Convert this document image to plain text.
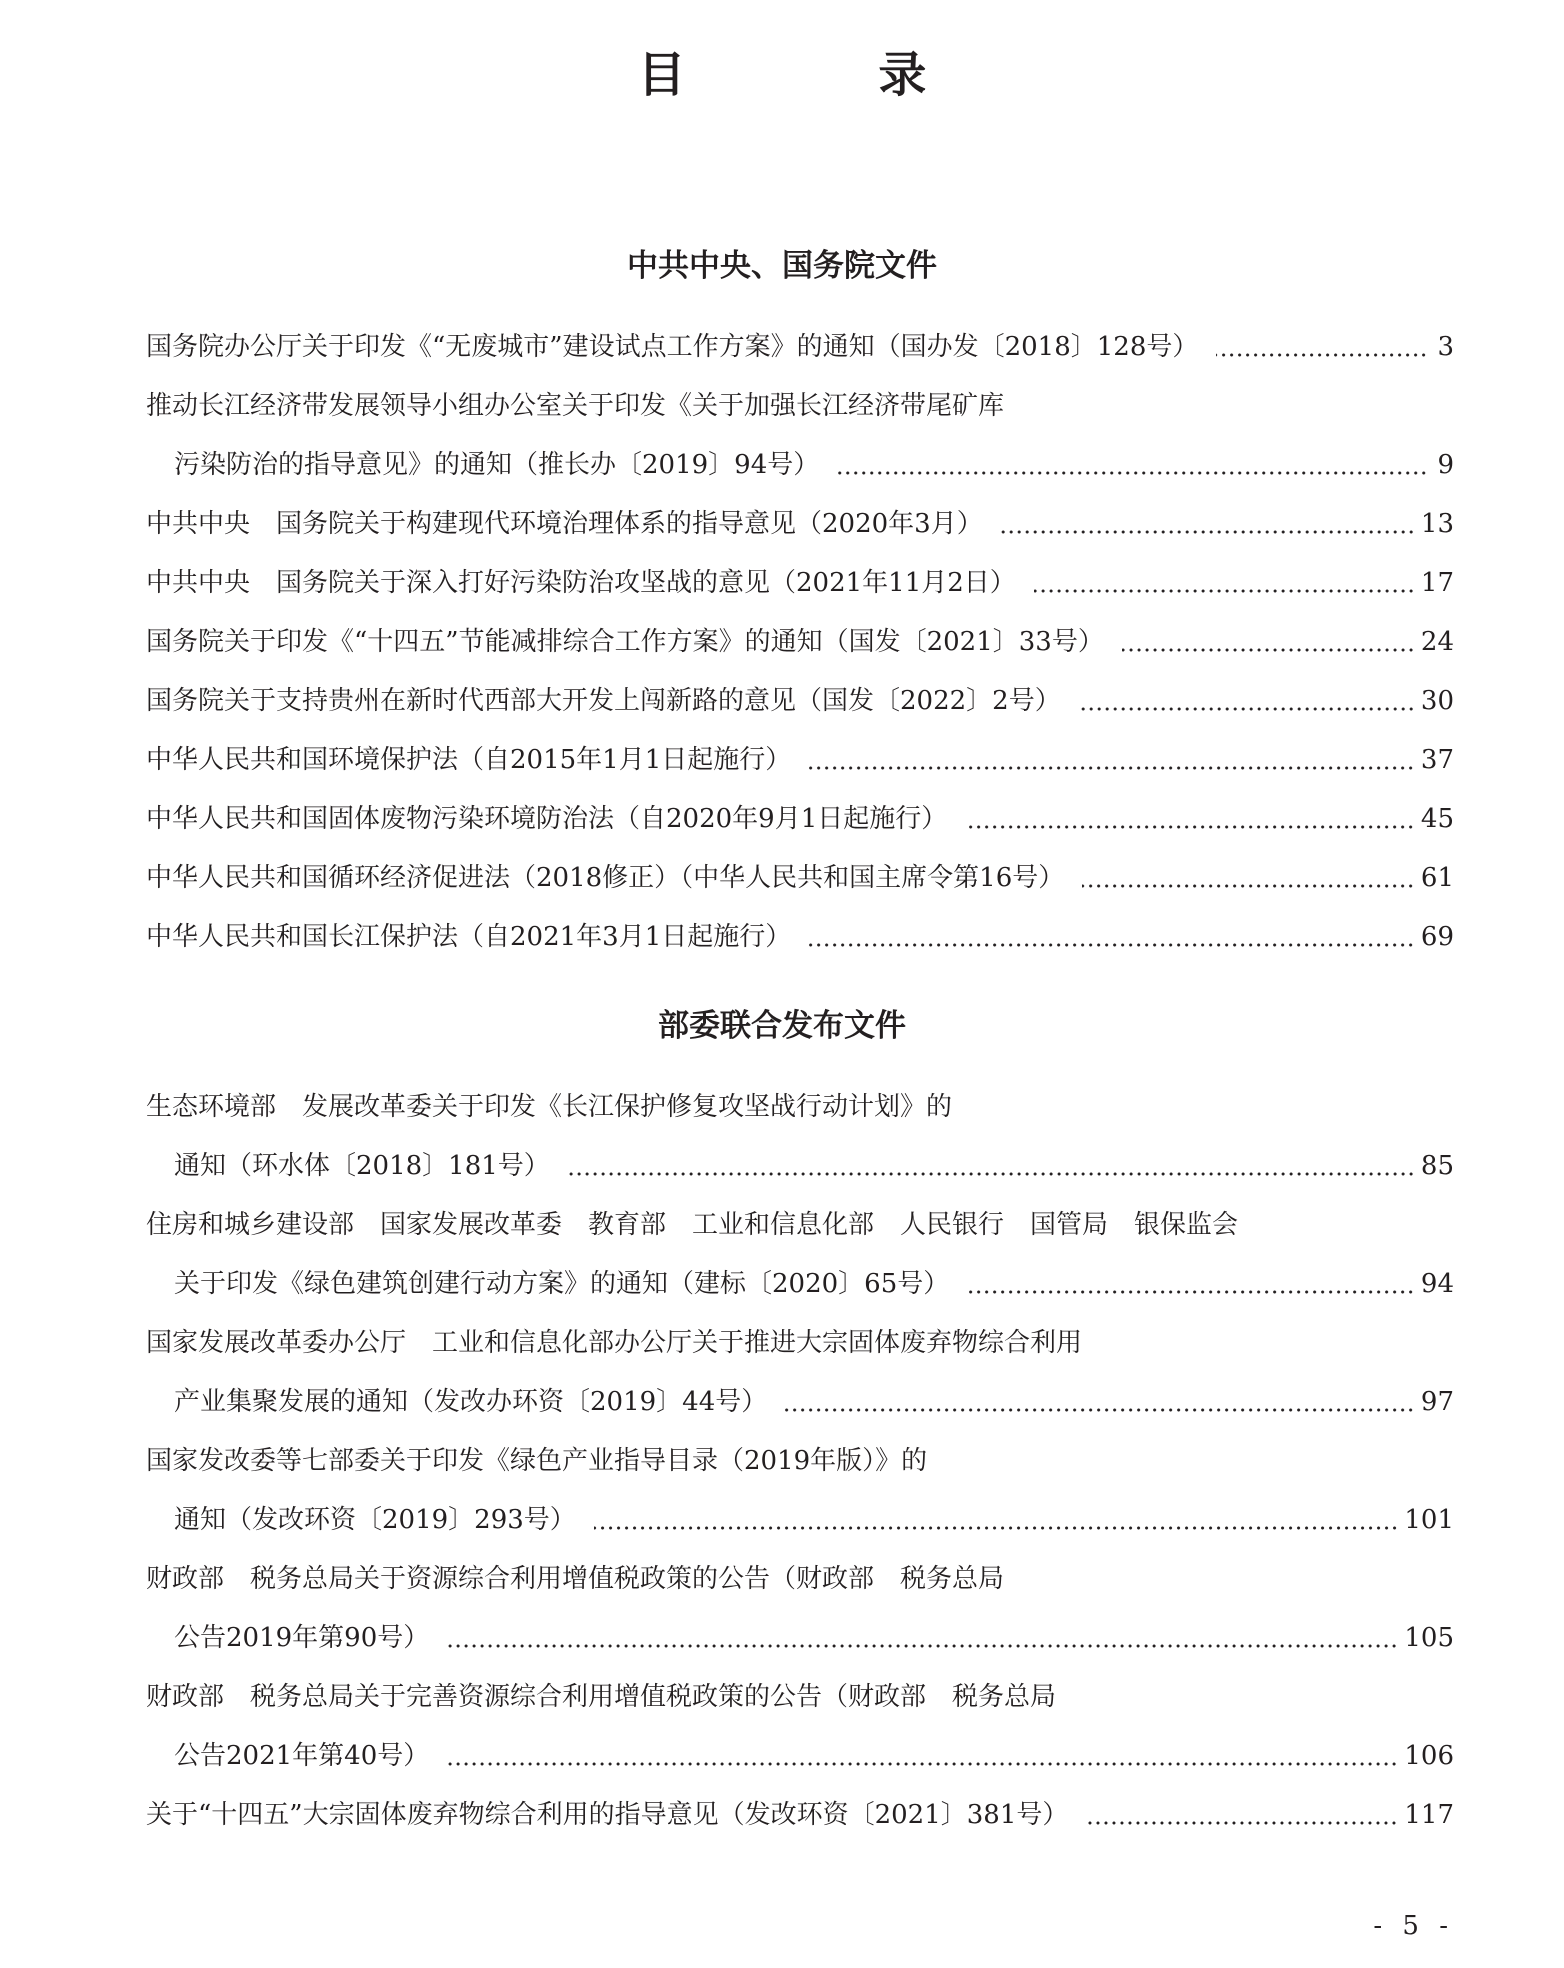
目 录
中共中央、国务院文件
国务院办公厅关于印发《“无废城市”建设试点工作方案》的通知（国办发〔2018〕128号）	3
推动长江经济带发展领导小组办公室关于印发《关于加强长江经济带尾矿库
污染防治的指导意见》的通知（推长办〔2019〕94号）	9
中共中央　国务院关于构建现代环境治理体系的指导意见（2020年3月）	13
中共中央　国务院关于深入打好污染防治攻坚战的意见（2021年11月2日）	17
国务院关于印发《“十四五”节能减排综合工作方案》的通知（国发〔2021〕33号）	24
国务院关于支持贵州在新时代西部大开发上闯新路的意见（国发〔2022〕2号）	30
中华人民共和国环境保护法（自2015年1月1日起施行）	37
中华人民共和国固体废物污染环境防治法（自2020年9月1日起施行）	45
中华人民共和国循环经济促进法（2018修正）（中华人民共和国主席令第16号）	61
中华人民共和国长江保护法（自2021年3月1日起施行）	69
部委联合发布文件
生态环境部　发展改革委关于印发《长江保护修复攻坚战行动计划》的
通知（环水体〔2018〕181号）	85
住房和城乡建设部　国家发展改革委　教育部　工业和信息化部　人民银行　国管局　银保监会
关于印发《绿色建筑创建行动方案》的通知（建标〔2020〕65号）	94
国家发展改革委办公厅　工业和信息化部办公厅关于推进大宗固体废弃物综合利用
产业集聚发展的通知（发改办环资〔2019〕44号）	97
国家发改委等七部委关于印发《绿色产业指导目录（2019年版）》的
通知（发改环资〔2019〕293号）	101
财政部　税务总局关于资源综合利用增值税政策的公告（财政部　税务总局
公告2019年第90号）	105
财政部　税务总局关于完善资源综合利用增值税政策的公告（财政部　税务总局
公告2021年第40号）	106
关于“十四五”大宗固体废弃物综合利用的指导意见（发改环资〔2021〕381号）	117
- 5 -
